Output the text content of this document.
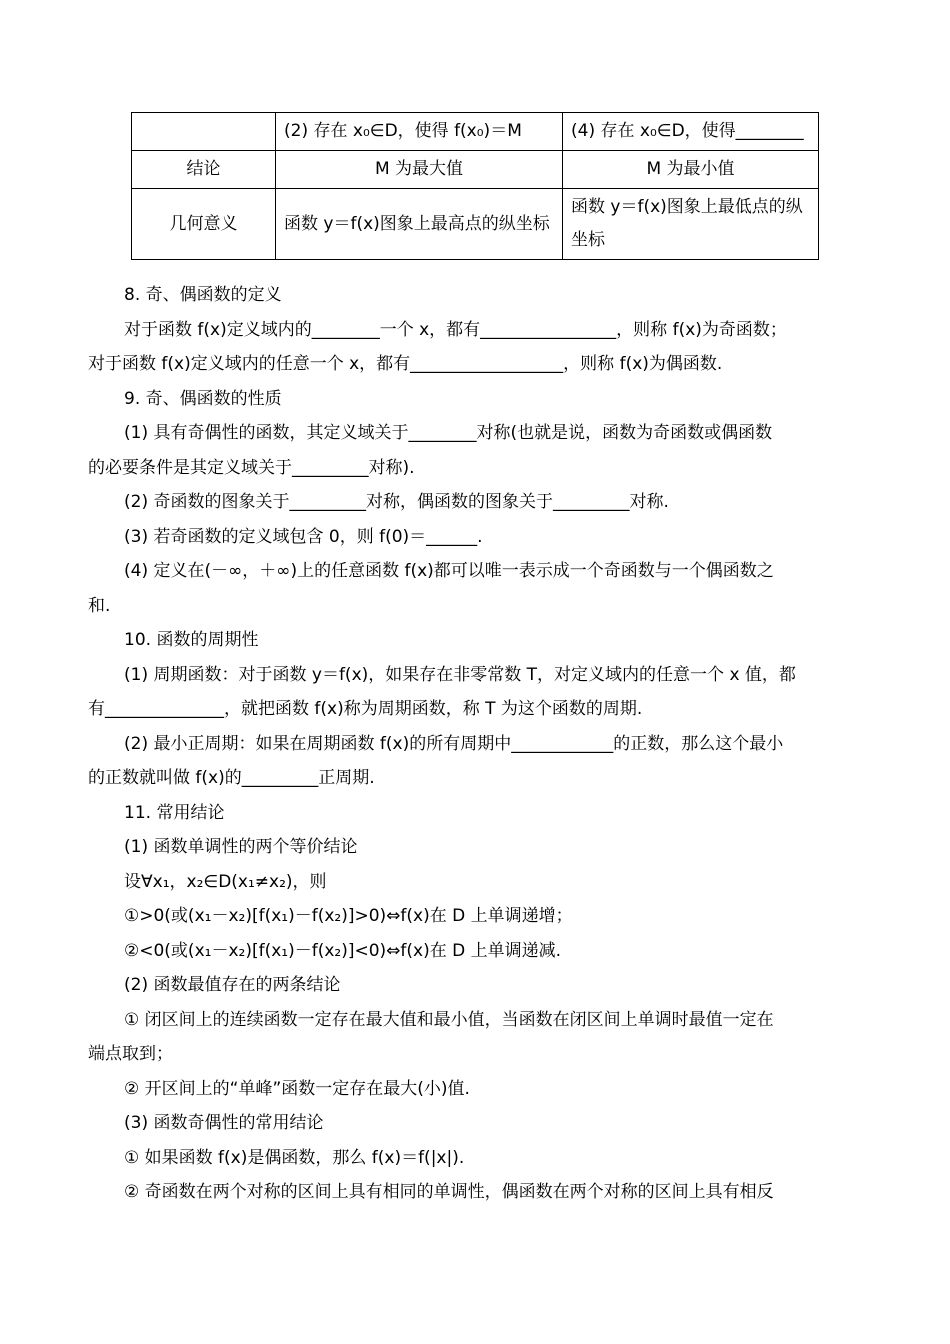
	(2) 存在 x₀∈D，使得 f(x₀)＝M	(4) 存在 x₀∈D，使得________
结论	M 为最大值	M 为最小值
几何意义	函数 y＝f(x)图象上最高点的纵坐标	函数 y＝f(x)图象上最低点的纵坐标

8. 奇、偶函数的定义

对于函数 f(x)定义域内的________一个 x，都有________________，则称 f(x)为奇函数；

对于函数 f(x)定义域内的任意一个 x，都有__________________，则称 f(x)为偶函数.

9. 奇、偶函数的性质

(1) 具有奇偶性的函数，其定义域关于________对称(也就是说，函数为奇函数或偶函数

的必要条件是其定义域关于_________对称).

(2) 奇函数的图象关于_________对称，偶函数的图象关于_________对称.

(3) 若奇函数的定义域包含 0，则 f(0)＝______.

(4) 定义在(－∞，＋∞)上的任意函数 f(x)都可以唯一表示成一个奇函数与一个偶函数之

和.

10. 函数的周期性

(1) 周期函数：对于函数 y＝f(x)，如果存在非零常数 T，对定义域内的任意一个 x 值，都

有______________，就把函数 f(x)称为周期函数，称 T 为这个函数的周期.

(2) 最小正周期：如果在周期函数 f(x)的所有周期中____________的正数，那么这个最小

的正数就叫做 f(x)的_________正周期.

11. 常用结论

(1) 函数单调性的两个等价结论

设∀x₁，x₂∈D(x₁≠x₂)，则

①>0(或(x₁－x₂)[f(x₁)－f(x₂)]>0)⇔f(x)在 D 上单调递增；

②<0(或(x₁－x₂)[f(x₁)－f(x₂)]<0)⇔f(x)在 D 上单调递减.

(2) 函数最值存在的两条结论

① 闭区间上的连续函数一定存在最大值和最小值，当函数在闭区间上单调时最值一定在

端点取到；

② 开区间上的“单峰”函数一定存在最大(小)值.

(3) 函数奇偶性的常用结论

① 如果函数 f(x)是偶函数，那么 f(x)＝f(|x|).

② 奇函数在两个对称的区间上具有相同的单调性，偶函数在两个对称的区间上具有相反
